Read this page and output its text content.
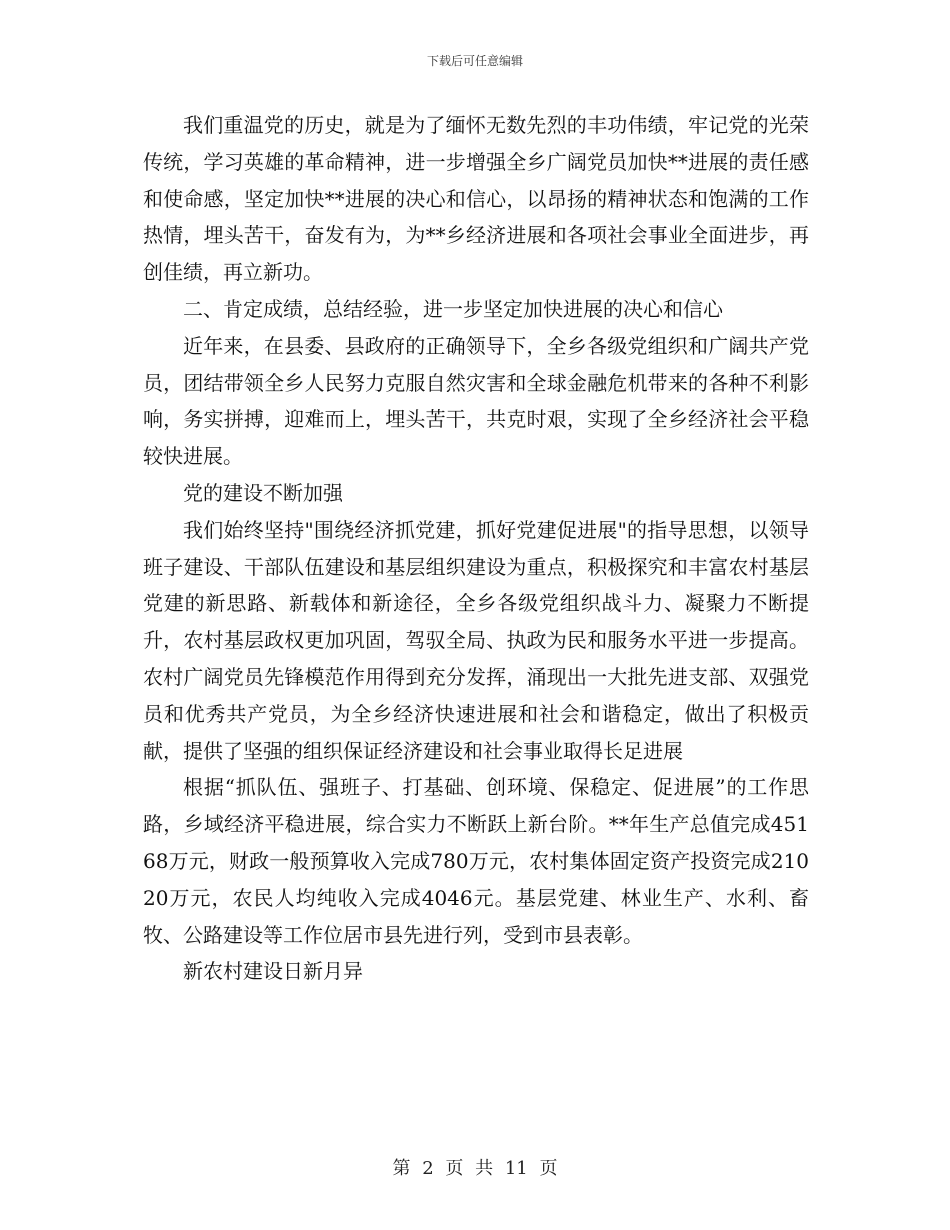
下载后可任意编辑

我们重温党的历史，就是为了缅怀无数先烈的丰功伟绩，牢记党的光荣传统，学习英雄的革命精神，进一步增强全乡广阔党员加快**进展的责任感和使命感，坚定加快**进展的决心和信心，以昂扬的精神状态和饱满的工作热情，埋头苦干，奋发有为，为**乡经济进展和各项社会事业全面进步，再创佳绩，再立新功。

二、肯定成绩，总结经验，进一步坚定加快进展的决心和信心

近年来，在县委、县政府的正确领导下，全乡各级党组织和广阔共产党员，团结带领全乡人民努力克服自然灾害和全球金融危机带来的各种不利影响，务实拼搏，迎难而上，埋头苦干，共克时艰，实现了全乡经济社会平稳较快进展。

党的建设不断加强

我们始终坚持"围绕经济抓党建，抓好党建促进展"的指导思想，以领导班子建设、干部队伍建设和基层组织建设为重点，积极探究和丰富农村基层党建的新思路、新载体和新途径，全乡各级党组织战斗力、凝聚力不断提升，农村基层政权更加巩固，驾驭全局、执政为民和服务水平进一步提高。农村广阔党员先锋模范作用得到充分发挥，涌现出一大批先进支部、双强党员和优秀共产党员，为全乡经济快速进展和社会和谐稳定，做出了积极贡献，提供了坚强的组织保证经济建设和社会事业取得长足进展

根据“抓队伍、强班子、打基础、创环境、保稳定、促进展”的工作思路，乡域经济平稳进展，综合实力不断跃上新台阶。**年生产总值完成45168万元，财政一般预算收入完成780万元，农村集体固定资产投资完成21020万元，农民人均纯收入完成4046元。基层党建、林业生产、水利、畜牧、公路建设等工作位居市县先进行列，受到市县表彰。

新农村建设日新月异

第 2 页 共 11 页
